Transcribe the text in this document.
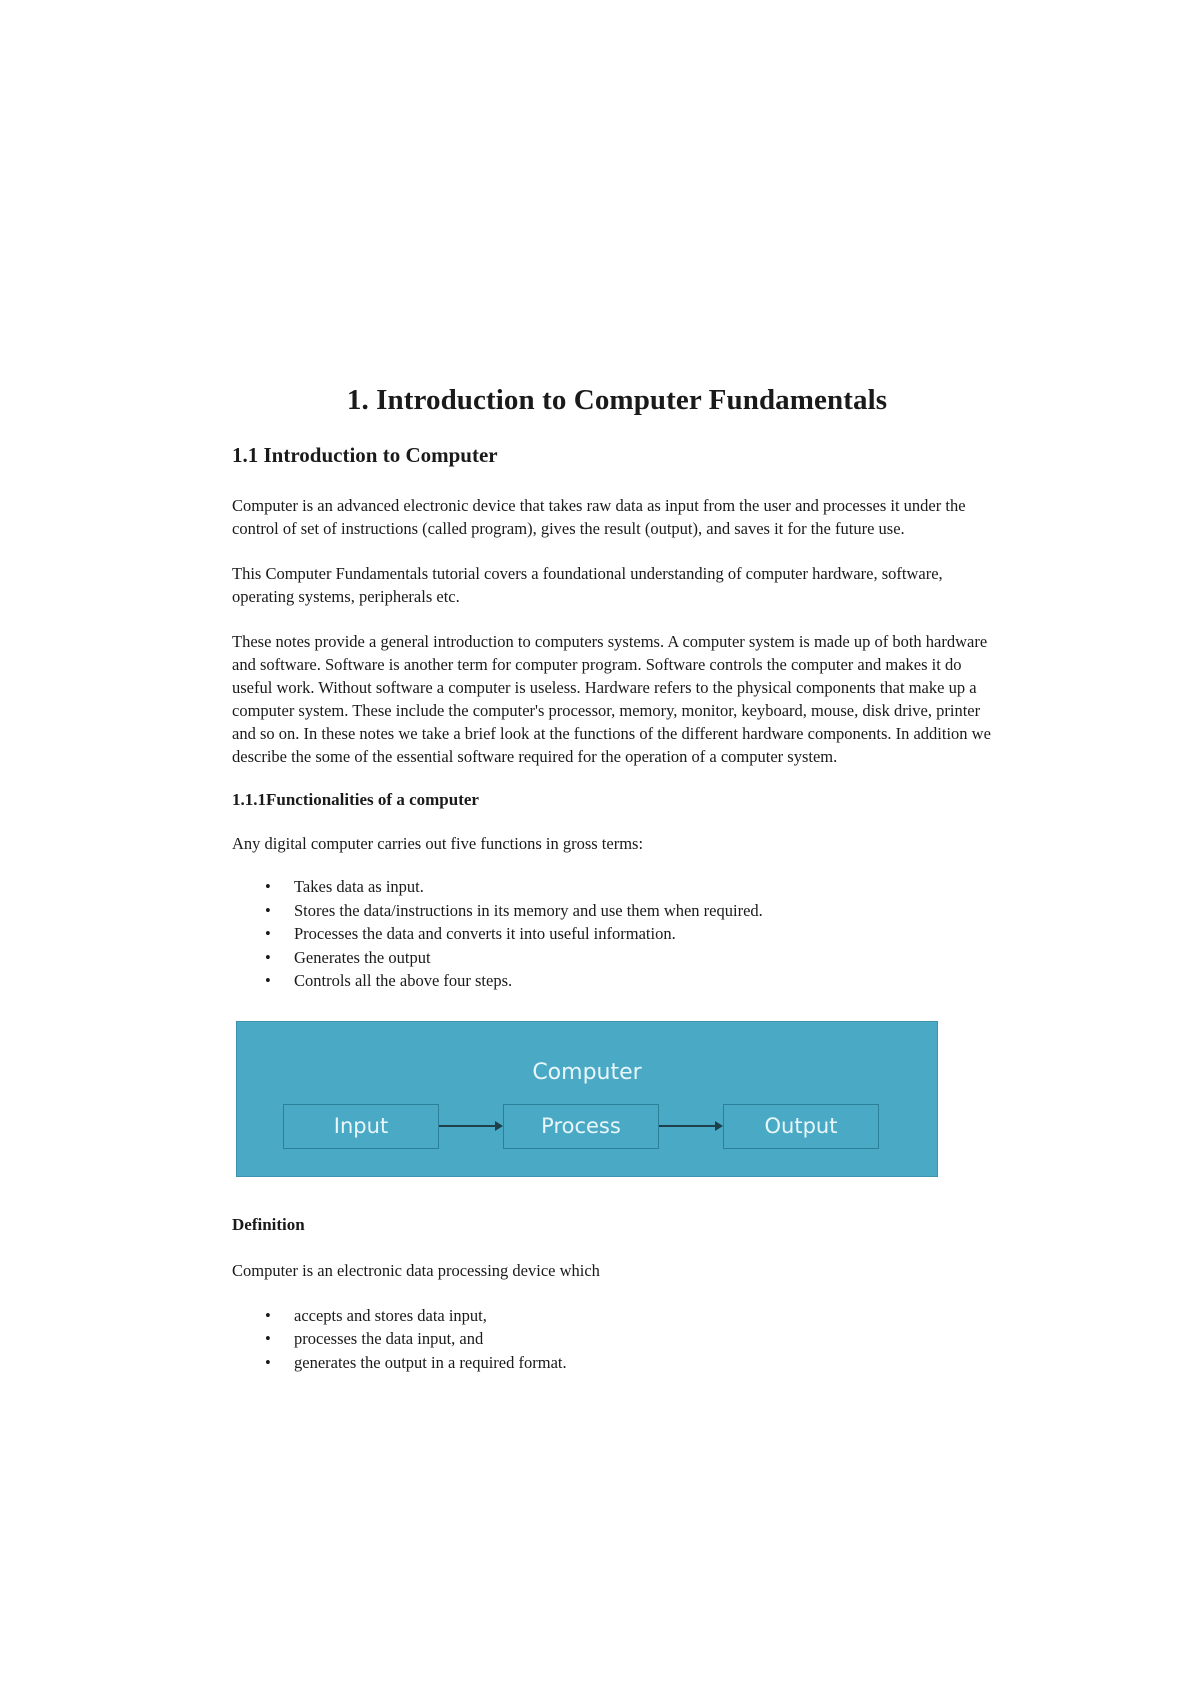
1. Introduction to Computer Fundamentals
1.1 Introduction to Computer

Computer is an advanced electronic device that takes raw data as input from the user and processes it under the control of set of instructions (called program), gives the result (output), and saves it for the future use.

This Computer Fundamentals tutorial covers a foundational understanding of computer hardware, software, operating systems, peripherals etc.

These notes provide a general introduction to computers systems. A computer system is made up of both hardware and software. Software is another term for computer program. Software controls the computer and makes it do useful work. Without software a computer is useless. Hardware refers to the physical components that make up a computer system. These include the computer's processor, memory, monitor, keyboard, mouse, disk drive, printer and so on. In these notes we take a brief look at the functions of the different hardware components. In addition we describe the some of the essential software required for the operation of a computer system.

1.1.1Functionalities of a computer

Any digital computer carries out five functions in gross terms:

• Takes data as input.
• Stores the data/instructions in its memory and use them when required.
• Processes the data and converts it into useful information.
• Generates the output
• Controls all the above four steps.
Computer
Input	Process	Output
Definition

Computer is an electronic data processing device which

• accepts and stores data input,
• processes the data input, and
• generates the output in a required format.
